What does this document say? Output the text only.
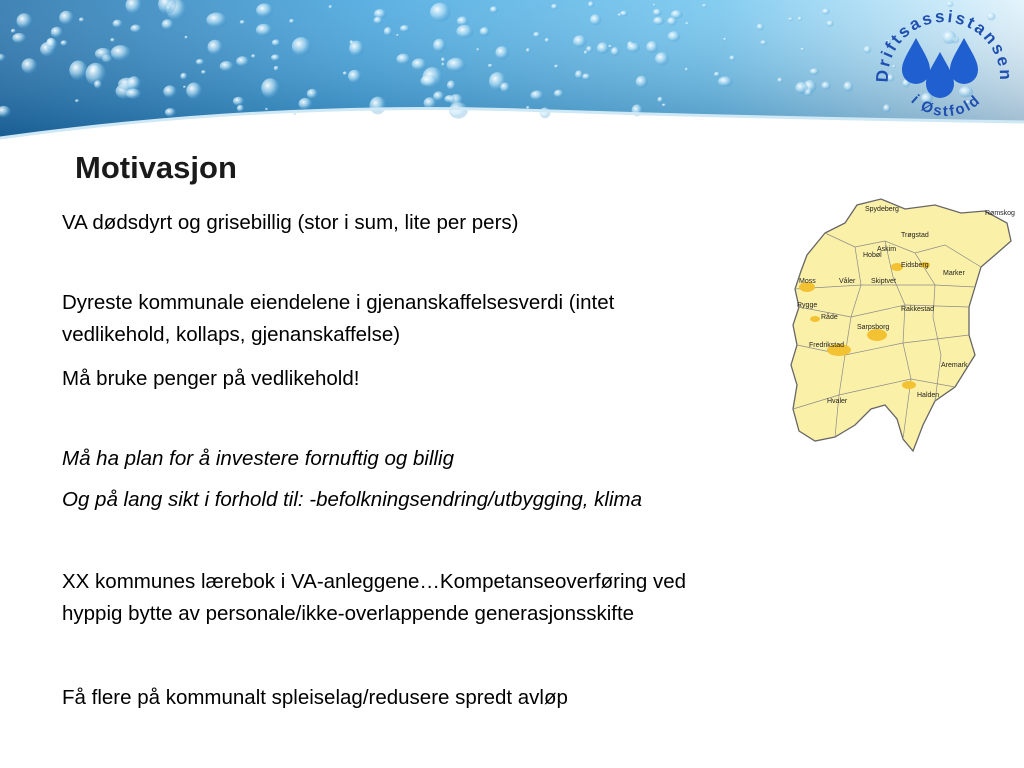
Driftsassistansen
i Østfold
Motivasjon
VA dødsdyrt og grisebillig (stor i sum, lite per pers)
Dyreste kommunale eiendelene i gjenanskaffelsesverdi (intet
vedlikehold, kollaps, gjenanskaffelse)
Må bruke penger på vedlikehold!
Må ha plan for å investere fornuftig og billig
Og på lang sikt i forhold til: -befolkningsendring/utbygging, klima
XX kommunes lærebok i VA-anleggene…Kompetanseoverføring ved
hyppig bytte av personale/ikke-overlappende generasjonsskifte
Få flere på kommunalt spleiselag/redusere spredt avløp
Rømskog
Spydeberg
Trøgstad
Hobøl
Askim
Eidsberg
Marker
Moss	Våler Skiptvet
Rygge
Rakkestad
Råde
Sarpsborg
Fredrikstad
Aremark
Hvaler
Halden
